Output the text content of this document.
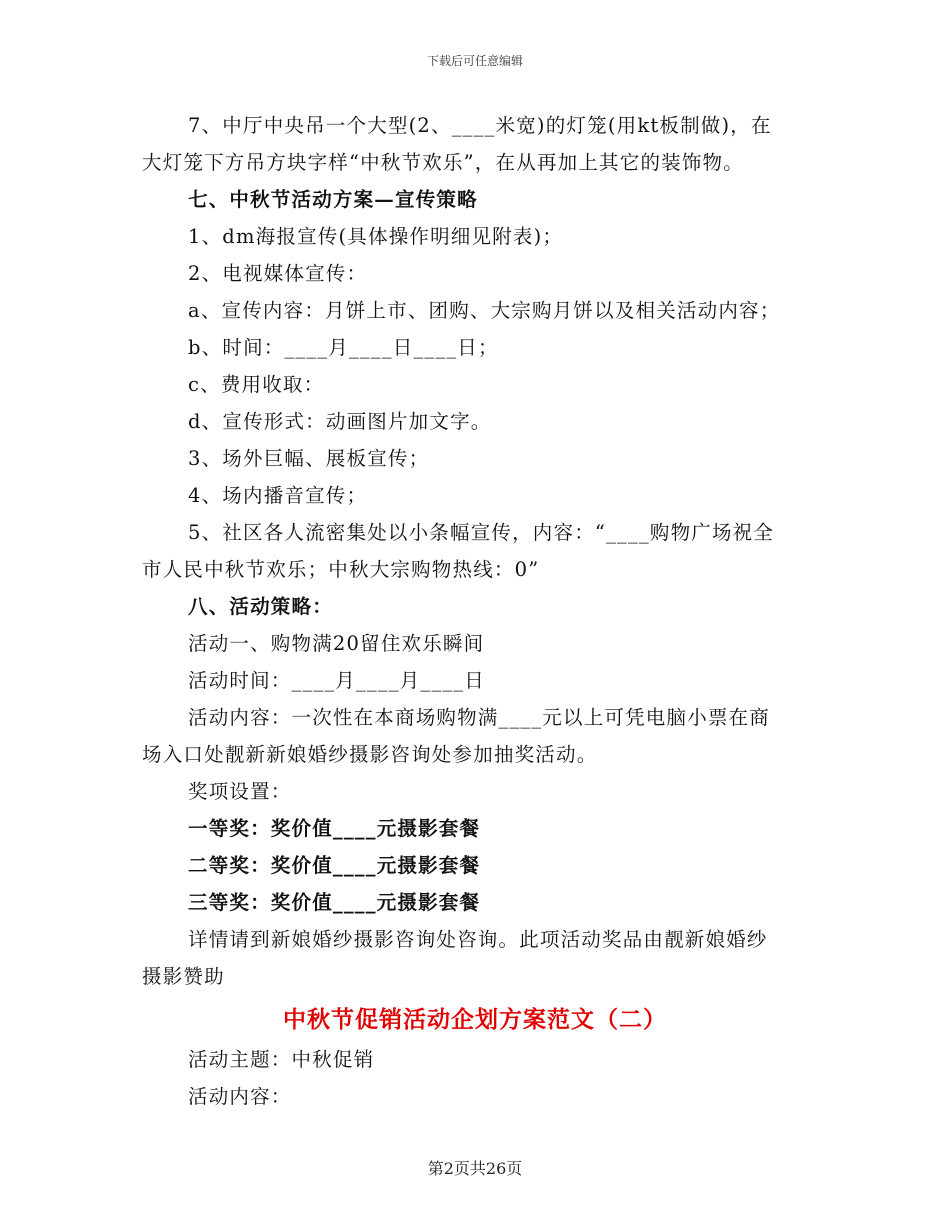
下载后可任意编辑
7、中厅中央吊一个大型(2、____米宽)的灯笼(用kt板制做)，在
大灯笼下方吊方块字样“中秋节欢乐”，在从再加上其它的装饰物。
七、中秋节活动方案—宣传策略
1、dm海报宣传(具体操作明细见附表)；
2、电视媒体宣传：
a、宣传内容：月饼上市、团购、大宗购月饼以及相关活动内容；
b、时间：____月____日____日；
c、费用收取：
d、宣传形式：动画图片加文字。
3、场外巨幅、展板宣传；
4、场内播音宣传；
5、社区各人流密集处以小条幅宣传，内容：“____购物广场祝全
市人民中秋节欢乐；中秋大宗购物热线：0”
八、活动策略：
活动一、购物满20留住欢乐瞬间
活动时间：____月____月____日
活动内容：一次性在本商场购物满____元以上可凭电脑小票在商
场入口处靓新新娘婚纱摄影咨询处参加抽奖活动。
奖项设置：
一等奖：奖价值____元摄影套餐
二等奖：奖价值____元摄影套餐
三等奖：奖价值____元摄影套餐
详情请到新娘婚纱摄影咨询处咨询。此项活动奖品由靓新娘婚纱
摄影赞助
中秋节促销活动企划方案范文（二）
活动主题：中秋促销
活动内容：
第2页共26页
